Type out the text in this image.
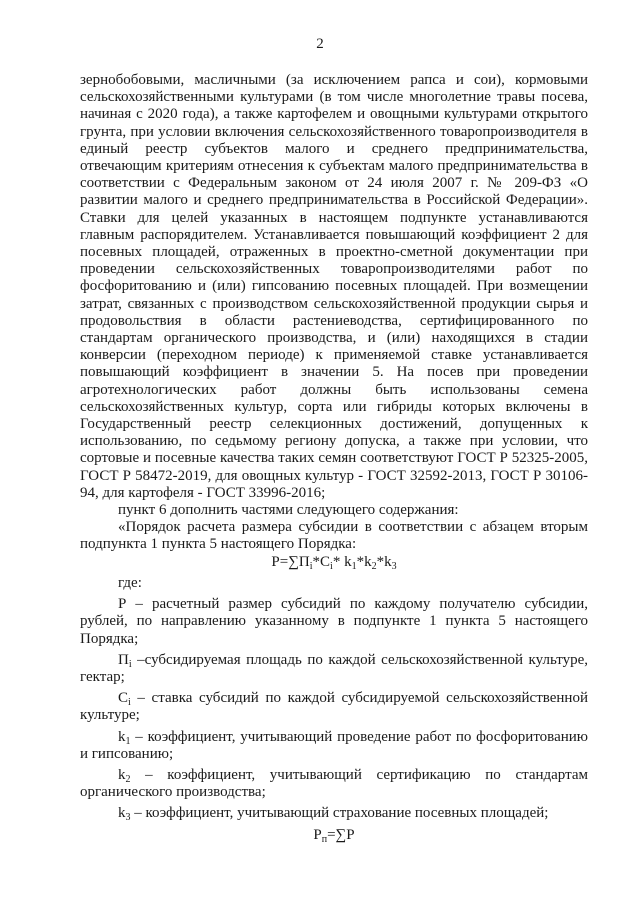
2

зернобобовыми, масличными (за исключением рапса и сои), кормовыми сельскохозяйственными культурами (в том числе многолетние травы посева, начиная с 2020 года), а также картофелем и овощными культурами открытого грунта, при условии включения сельскохозяйственного товаропроизводителя в единый реестр субъектов малого и среднего предпринимательства, отвечающим критериям отнесения к субъектам малого предпринимательства в соответствии с Федеральным законом от 24 июля 2007 г. № 209-ФЗ «О развитии малого и среднего предпринимательства в Российской Федерации». Ставки для целей указанных в настоящем подпункте устанавливаются главным распорядителем. Устанавливается повышающий коэффициент 2 для посевных площадей, отраженных в проектно-сметной документации при проведении сельскохозяйственных товаропроизводителями работ по фосфоритованию и (или) гипсованию посевных площадей. При возмещении затрат, связанных с производством сельскохозяйственной продукции сырья и продовольствия в области растениеводства, сертифицированного по стандартам органического производства, и (или) находящихся в стадии конверсии (переходном периоде) к применяемой ставке устанавливается повышающий коэффициент в значении 5. На посев при проведении агротехнологических работ должны быть использованы семена сельскохозяйственных культур, сорта или гибриды которых включены в Государственный реестр селекционных достижений, допущенных к использованию, по седьмому региону допуска, а также при условии, что сортовые и посевные качества таких семян соответствуют ГОСТ Р 52325-2005, ГОСТ Р 58472-2019, для овощных культур - ГОСТ 32592-2013, ГОСТ Р 30106-94, для картофеля - ГОСТ 33996-2016;

пункт 6 дополнить частями следующего содержания:

«Порядок расчета размера субсидии в соответствии с абзацем вторым подпункта 1 пункта 5 настоящего Порядка:

$Р=\sum П_i*С_i*$ $k_1*k_2*k_3$

где:

Р – расчетный размер субсидий по каждому получателю субсидии, рублей, по направлению указанному в подпункте 1 пункта 5 настоящего Порядка;

$П_i$ –субсидируемая площадь по каждой сельскохозяйственной культуре, гектар;

$С_i$ – ставка субсидий по каждой субсидируемой сельскохозяйственной культуре;

$k_1$ – коэффициент, учитывающий проведение работ по фосфоритованию и гипсованию;

$k_2$ – коэффициент, учитывающий сертификацию по стандартам органического производства;

$k_3$ – коэффициент, учитывающий страхование посевных площадей;

$Р_п=\sum Р$
